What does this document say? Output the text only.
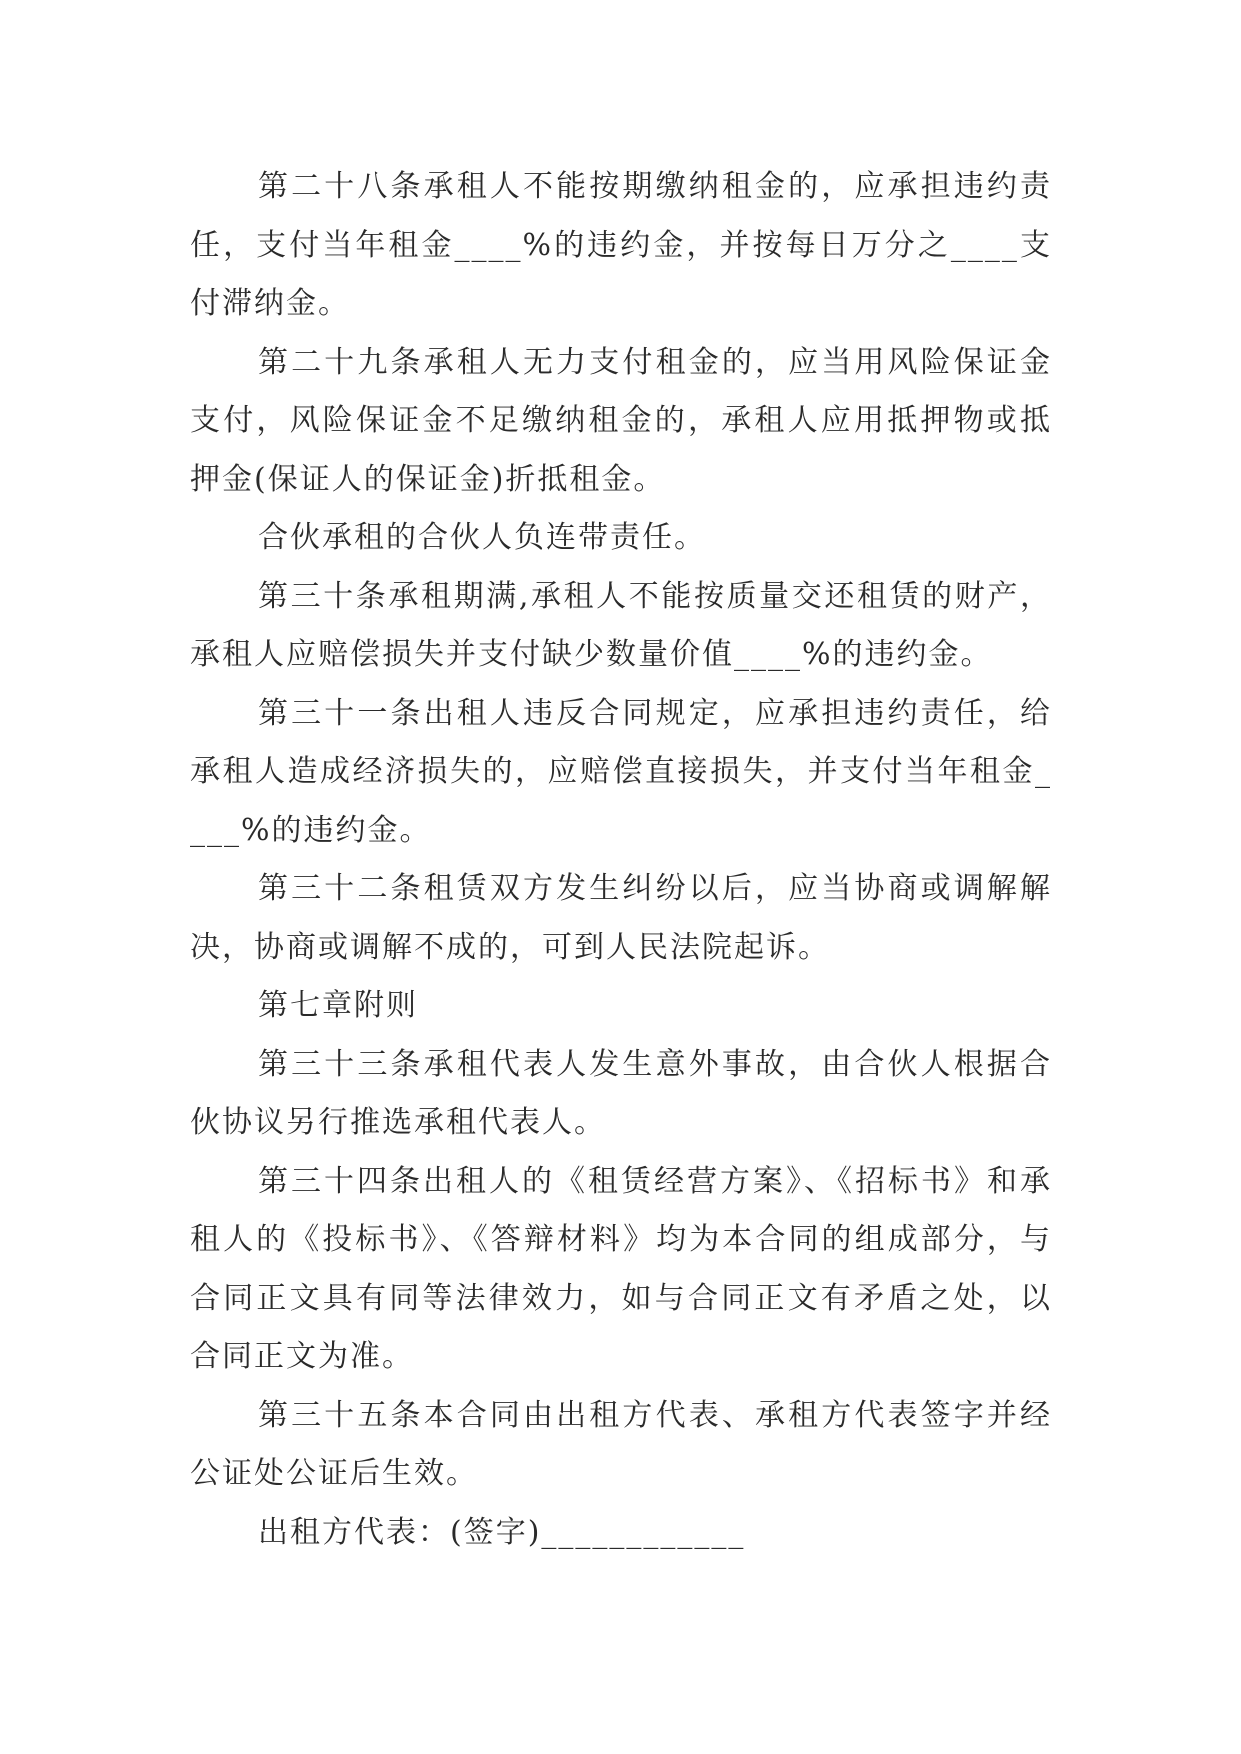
第二十八条承租人不能按期缴纳租金的，应承担违约责任，支付当年租金____%的违约金，并按每日万分之____支付滞纳金。

第二十九条承租人无力支付租金的，应当用风险保证金支付，风险保证金不足缴纳租金的，承租人应用抵押物或抵押金(保证人的保证金)折抵租金。

合伙承租的合伙人负连带责任。

第三十条承租期满,承租人不能按质量交还租赁的财产，承租人应赔偿损失并支付缺少数量价值____%的违约金。

第三十一条出租人违反合同规定，应承担违约责任，给承租人造成经济损失的，应赔偿直接损失，并支付当年租金____%的违约金。

第三十二条租赁双方发生纠纷以后，应当协商或调解解决，协商或调解不成的，可到人民法院起诉。

第七章附则

第三十三条承租代表人发生意外事故，由合伙人根据合伙协议另行推选承租代表人。

第三十四条出租人的《租赁经营方案》、《招标书》和承租人的《投标书》、《答辩材料》均为本合同的组成部分，与合同正文具有同等法律效力，如与合同正文有矛盾之处，以合同正文为准。

第三十五条本合同由出租方代表、承租方代表签字并经公证处公证后生效。

出租方代表：(签字)____________
